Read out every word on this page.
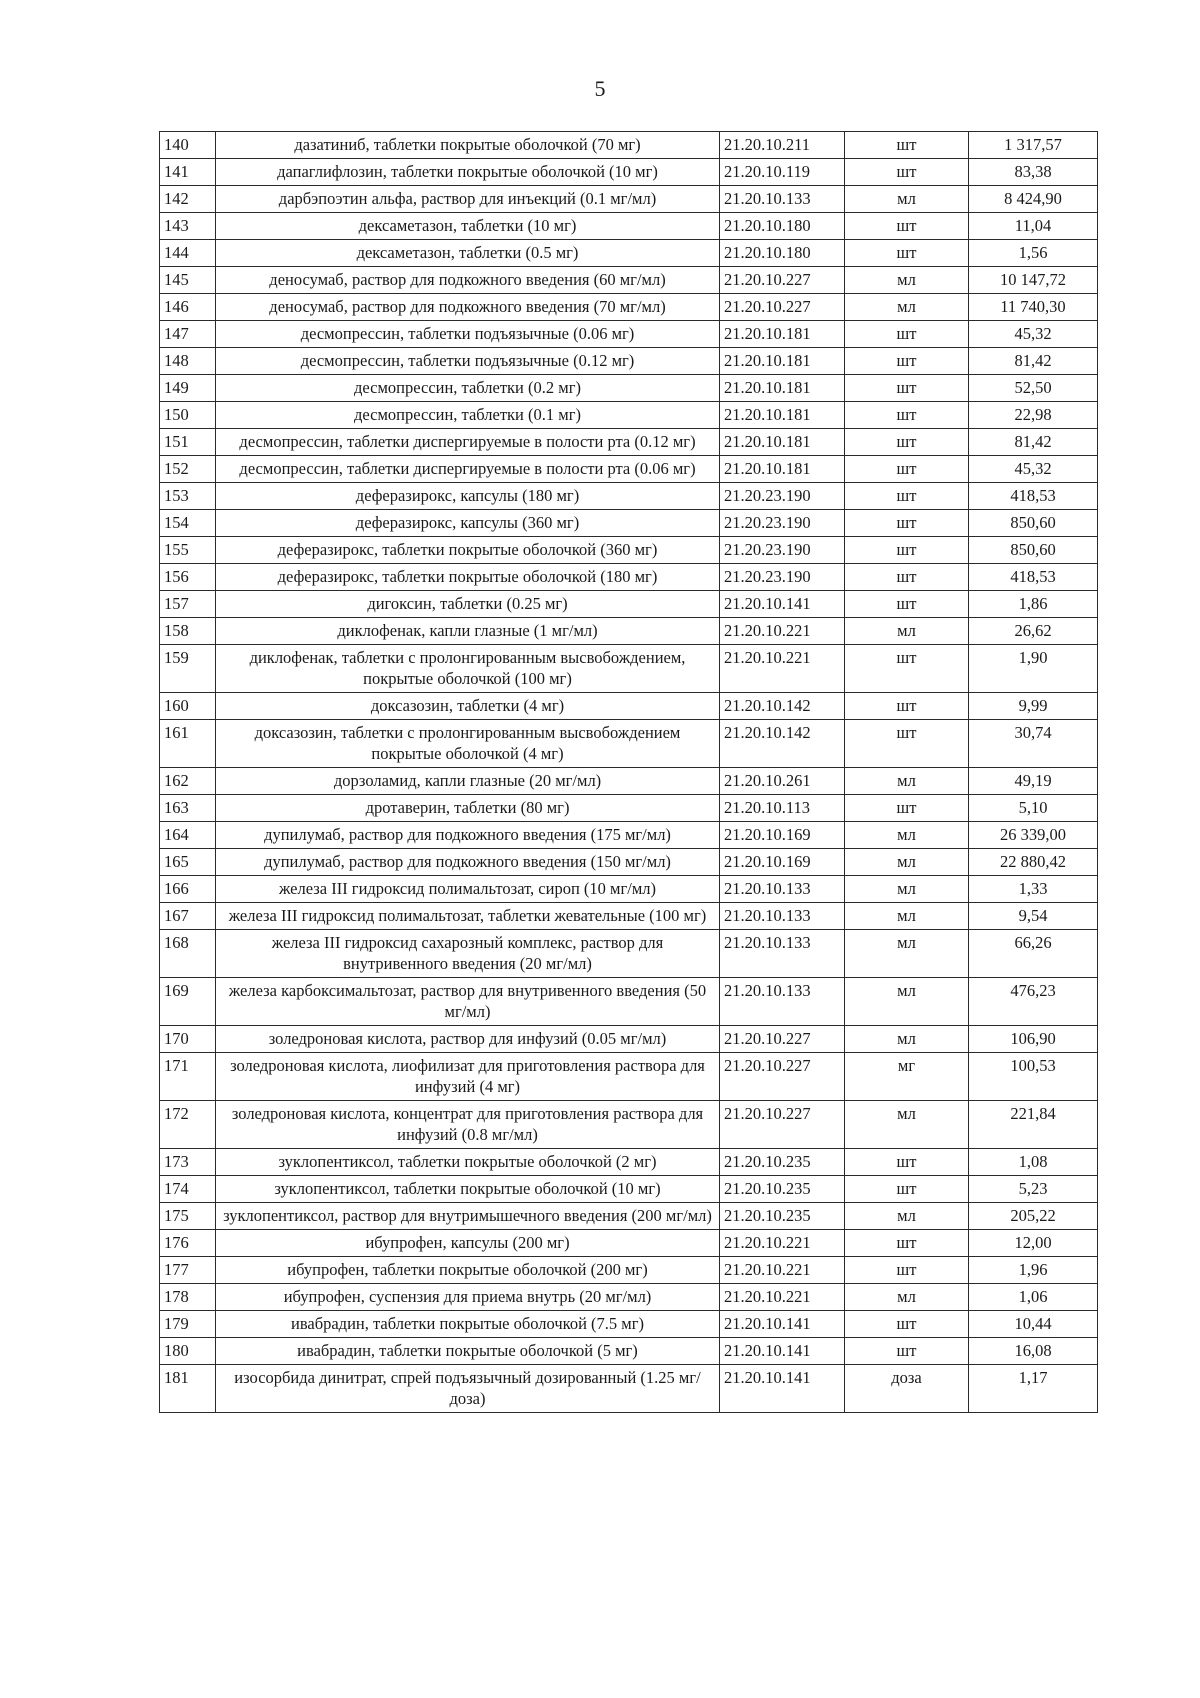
5
140	дазатиниб, таблетки покрытые оболочкой (70 мг)	21.20.10.211	шт	1 317,57
141	дапаглифлозин, таблетки покрытые оболочкой (10 мг)	21.20.10.119	шт	83,38
142	дарбэпоэтин альфа, раствор для инъекций (0.1 мг/мл)	21.20.10.133	мл	8 424,90
143	дексаметазон, таблетки (10 мг)	21.20.10.180	шт	11,04
144	дексаметазон, таблетки (0.5 мг)	21.20.10.180	шт	1,56
145	деносумаб, раствор для подкожного введения (60 мг/мл)	21.20.10.227	мл	10 147,72
146	деносумаб, раствор для подкожного введения (70 мг/мл)	21.20.10.227	мл	11 740,30
147	десмопрессин, таблетки подъязычные (0.06 мг)	21.20.10.181	шт	45,32
148	десмопрессин, таблетки подъязычные (0.12 мг)	21.20.10.181	шт	81,42
149	десмопрессин, таблетки (0.2 мг)	21.20.10.181	шт	52,50
150	десмопрессин, таблетки (0.1 мг)	21.20.10.181	шт	22,98
151	десмопрессин, таблетки диспергируемые в полости рта (0.12 мг)	21.20.10.181	шт	81,42
152	десмопрессин, таблетки диспергируемые в полости рта (0.06 мг)	21.20.10.181	шт	45,32
153	деферазирокс, капсулы (180 мг)	21.20.23.190	шт	418,53
154	деферазирокс, капсулы (360 мг)	21.20.23.190	шт	850,60
155	деферазирокс, таблетки покрытые оболочкой (360 мг)	21.20.23.190	шт	850,60
156	деферазирокс, таблетки покрытые оболочкой (180 мг)	21.20.23.190	шт	418,53
157	дигоксин, таблетки (0.25 мг)	21.20.10.141	шт	1,86
158	диклофенак, капли глазные (1 мг/мл)	21.20.10.221	мл	26,62
159	диклофенак, таблетки с пролонгированным высвобождением, покрытые оболочкой (100 мг)	21.20.10.221	шт	1,90
160	доксазозин, таблетки (4 мг)	21.20.10.142	шт	9,99
161	доксазозин, таблетки с пролонгированным высвобождением покрытые оболочкой (4 мг)	21.20.10.142	шт	30,74
162	дорзоламид, капли глазные (20 мг/мл)	21.20.10.261	мл	49,19
163	дротаверин, таблетки (80 мг)	21.20.10.113	шт	5,10
164	дупилумаб, раствор для подкожного введения (175 мг/мл)	21.20.10.169	мл	26 339,00
165	дупилумаб, раствор для подкожного введения (150 мг/мл)	21.20.10.169	мл	22 880,42
166	железа III гидроксид полимальтозат, сироп (10 мг/мл)	21.20.10.133	мл	1,33
167	железа III гидроксид полимальтозат, таблетки жевательные (100 мг)	21.20.10.133	мл	9,54
168	железа III гидроксид сахарозный комплекс, раствор для внутривенного введения (20 мг/мл)	21.20.10.133	мл	66,26
169	железа карбоксимальтозат, раствор для внутривенного введения (50 мг/мл)	21.20.10.133	мл	476,23
170	золедроновая кислота, раствор для инфузий (0.05 мг/мл)	21.20.10.227	мл	106,90
171	золедроновая кислота, лиофилизат для приготовления раствора для инфузий (4 мг)	21.20.10.227	мг	100,53
172	золедроновая кислота, концентрат для приготовления раствора для инфузий (0.8 мг/мл)	21.20.10.227	мл	221,84
173	зуклопентиксол, таблетки покрытые оболочкой (2 мг)	21.20.10.235	шт	1,08
174	зуклопентиксол, таблетки покрытые оболочкой (10 мг)	21.20.10.235	шт	5,23
175	зуклопентиксол, раствор для внутримышечного введения (200 мг/мл)	21.20.10.235	мл	205,22
176	ибупрофен, капсулы (200 мг)	21.20.10.221	шт	12,00
177	ибупрофен, таблетки покрытые оболочкой (200 мг)	21.20.10.221	шт	1,96
178	ибупрофен, суспензия для приема внутрь (20 мг/мл)	21.20.10.221	мл	1,06
179	ивабрадин, таблетки покрытые оболочкой (7.5 мг)	21.20.10.141	шт	10,44
180	ивабрадин, таблетки покрытые оболочкой (5 мг)	21.20.10.141	шт	16,08
181	изосорбида динитрат, спрей подъязычный дозированный (1.25 мг/доза)	21.20.10.141	доза	1,17
